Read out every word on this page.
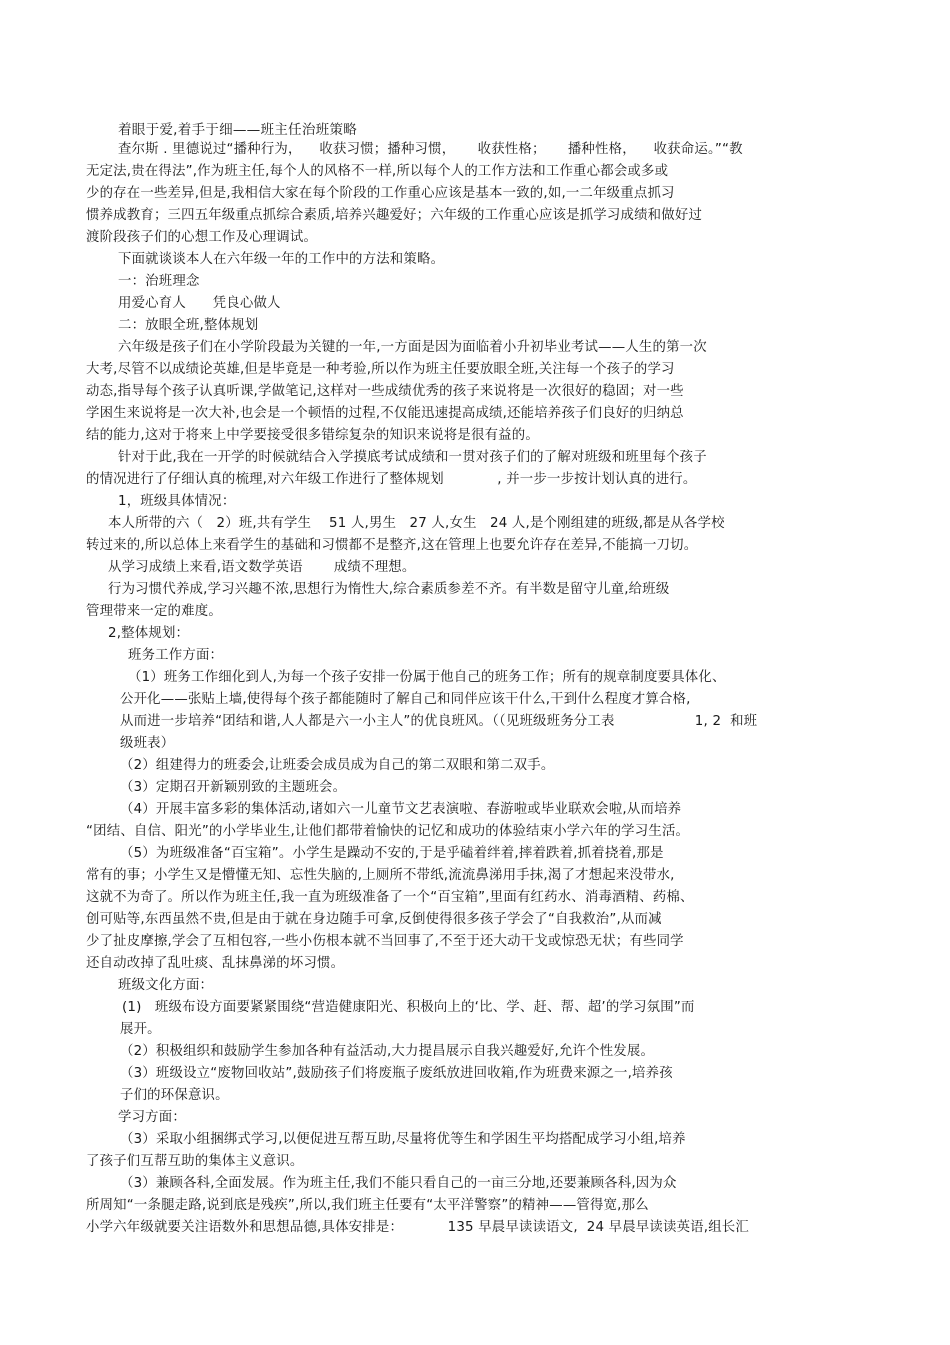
着眼于爱,着手于细——班主任治班策略
查尔斯 . 里德说过“播种行为，    收获习惯；播种习惯，     收获性格；     播种性格，    收获命运。”“教
无定法,贵在得法”,作为班主任,每个人的风格不一样,所以每个人的工作方法和工作重心都会或多或
少的存在一些差异,但是,我相信大家在每个阶段的工作重心应该是基本一致的,如,一二年级重点抓习
惯养成教育；三四五年级重点抓综合素质,培养兴趣爱好；六年级的工作重心应该是抓学习成绩和做好过
渡阶段孩子们的心想工作及心理调试。
下面就谈谈本人在六年级一年的工作中的方法和策略。
一：治班理念
用爱心育人      凭良心做人
二：放眼全班,整体规划
六年级是孩子们在小学阶段最为关键的一年,一方面是因为面临着小升初毕业考试——人生的第一次
大考,尽管不以成绩论英雄,但是毕竟是一种考验,所以作为班主任要放眼全班,关注每一个孩子的学习
动态,指导每个孩子认真听课,学做笔记,这样对一些成绩优秀的孩子来说将是一次很好的稳固；对一些
学困生来说将是一次大补,也会是一个顿悟的过程,不仅能迅速提高成绩,还能培养孩子们良好的归纳总
结的能力,这对于将来上中学要接受很多错综复杂的知识来说将是很有益的。
针对于此,我在一开学的时候就结合入学摸底考试成绩和一贯对孩子们的了解对班级和班里每个孩子
的情况进行了仔细认真的梳理,对六年级工作进行了整体规划            , 并一步一步按计划认真的进行。
1，班级具体情况：
本人所带的六（   2）班,共有学生    51 人,男生   27 人,女生   24 人,是个刚组建的班级,都是从各学校
转过来的,所以总体上来看学生的基础和习惯都不是整齐,这在管理上也要允许存在差异,不能搞一刀切。
从学习成绩上来看,语文数学英语       成绩不理想。
行为习惯代养成,学习兴趣不浓,思想行为惰性大,综合素质参差不齐。有半数是留守儿童,给班级
管理带来一定的难度。
2,整体规划：
班务工作方面：
（1）班务工作细化到人,为每一个孩子安排一份属于他自己的班务工作；所有的规章制度要具体化、
公开化——张贴上墙,使得每个孩子都能随时了解自己和同伴应该干什么,干到什么程度才算合格,
从而进一步培养“团结和谐,人人都是六一小主人”的优良班风。（（见班级班务分工表                  1, 2  和班
级班表）
（2）组建得力的班委会,让班委会成员成为自己的第二双眼和第二双手。
（3）定期召开新颖别致的主题班会。
（4）开展丰富多彩的集体活动,诸如六一儿童节文艺表演啦、春游啦或毕业联欢会啦,从而培养
“团结、自信、阳光”的小学毕业生,让他们都带着愉快的记忆和成功的体验结束小学六年的学习生活。
（5）为班级准备“百宝箱”。小学生是躁动不安的,于是乎磕着绊着,摔着跌着,抓着挠着,那是
常有的事；小学生又是懵懂无知、忘性失脑的,上厕所不带纸,流流鼻涕用手抹,渴了才想起来没带水,
这就不为奇了。所以作为班主任,我一直为班级准备了一个“百宝箱”,里面有红药水、消毒酒精、药棉、
创可贴等,东西虽然不贵,但是由于就在身边随手可拿,反倒使得很多孩子学会了“自我救治”,从而减
少了扯皮摩擦,学会了互相包容,一些小伤根本就不当回事了,不至于还大动干戈或惊恐无状；有些同学
还自动改掉了乱吐痰、乱抹鼻涕的坏习惯。
班级文化方面：
(1)   班级布设方面要紧紧围绕“营造健康阳光、积极向上的‘比、学、赶、帮、超’的学习氛围”而
展开。
（2）积极组织和鼓励学生参加各种有益活动,大力提昌展示自我兴趣爱好,允许个性发展。
（3）班级设立“废物回收站”,鼓励孩子们将废瓶子废纸放进回收箱,作为班费来源之一,培养孩
子们的环保意识。
学习方面：
（3）采取小组捆绑式学习,以便促进互帮互助,尽量将优等生和学困生平均搭配成学习小组,培养
了孩子们互帮互助的集体主义意识。
（3）兼顾各科,全面发展。作为班主任,我们不能只看自己的一亩三分地,还要兼顾各科,因为众
所周知“一条腿走路,说到底是残疾”,所以,我们班主任要有“太平洋警察”的精神——管得宽,那么
小学六年级就要关注语数外和思想品德,具体安排是：          135 早晨早读读语文,  24 早晨早读读英语,组长汇
